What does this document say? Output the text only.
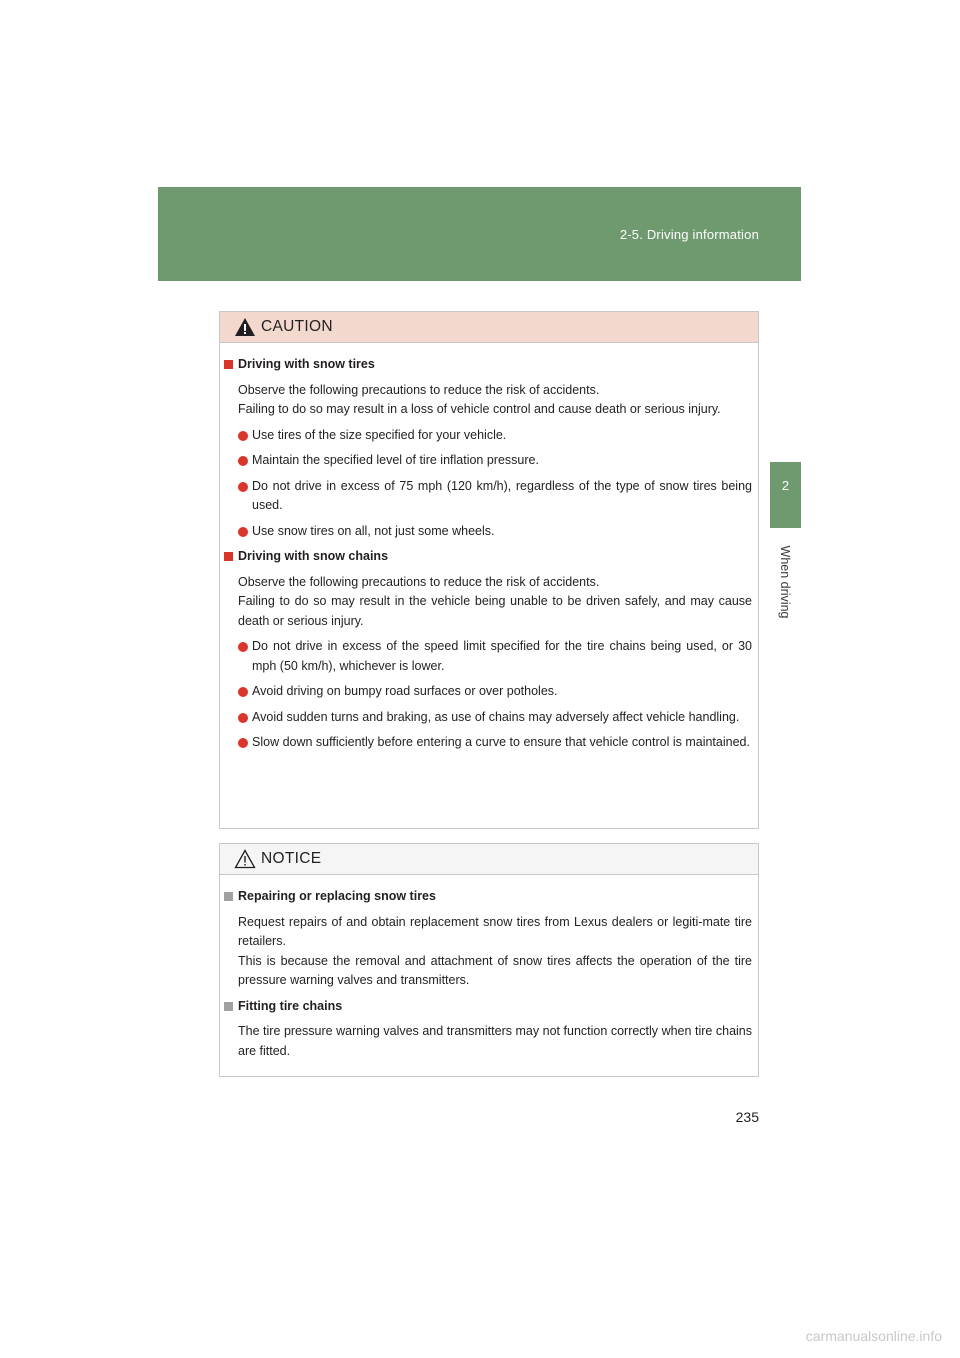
2-5. Driving information
2
When driving
CAUTION
Driving with snow tires
Observe the following precautions to reduce the risk of accidents.
Failing to do so may result in a loss of vehicle control and cause death or serious injury.
Use tires of the size specified for your vehicle.
Maintain the specified level of tire inflation pressure.
Do not drive in excess of 75 mph (120 km/h), regardless of the type of snow tires being used.
Use snow tires on all, not just some wheels.
Driving with snow chains
Observe the following precautions to reduce the risk of accidents.
Failing to do so may result in the vehicle being unable to be driven safely, and may cause death or serious injury.
Do not drive in excess of the speed limit specified for the tire chains being used, or 30 mph (50 km/h), whichever is lower.
Avoid driving on bumpy road surfaces or over potholes.
Avoid sudden turns and braking, as use of chains may adversely affect vehicle handling.
Slow down sufficiently before entering a curve to ensure that vehicle control is maintained.
NOTICE
Repairing or replacing snow tires
Request repairs of and obtain replacement snow tires from Lexus dealers or legiti-mate tire retailers.
This is because the removal and attachment of snow tires affects the operation of the tire pressure warning valves and transmitters.
Fitting tire chains
The tire pressure warning valves and transmitters may not function correctly when tire chains are fitted.
235
carmanualsonline.info
